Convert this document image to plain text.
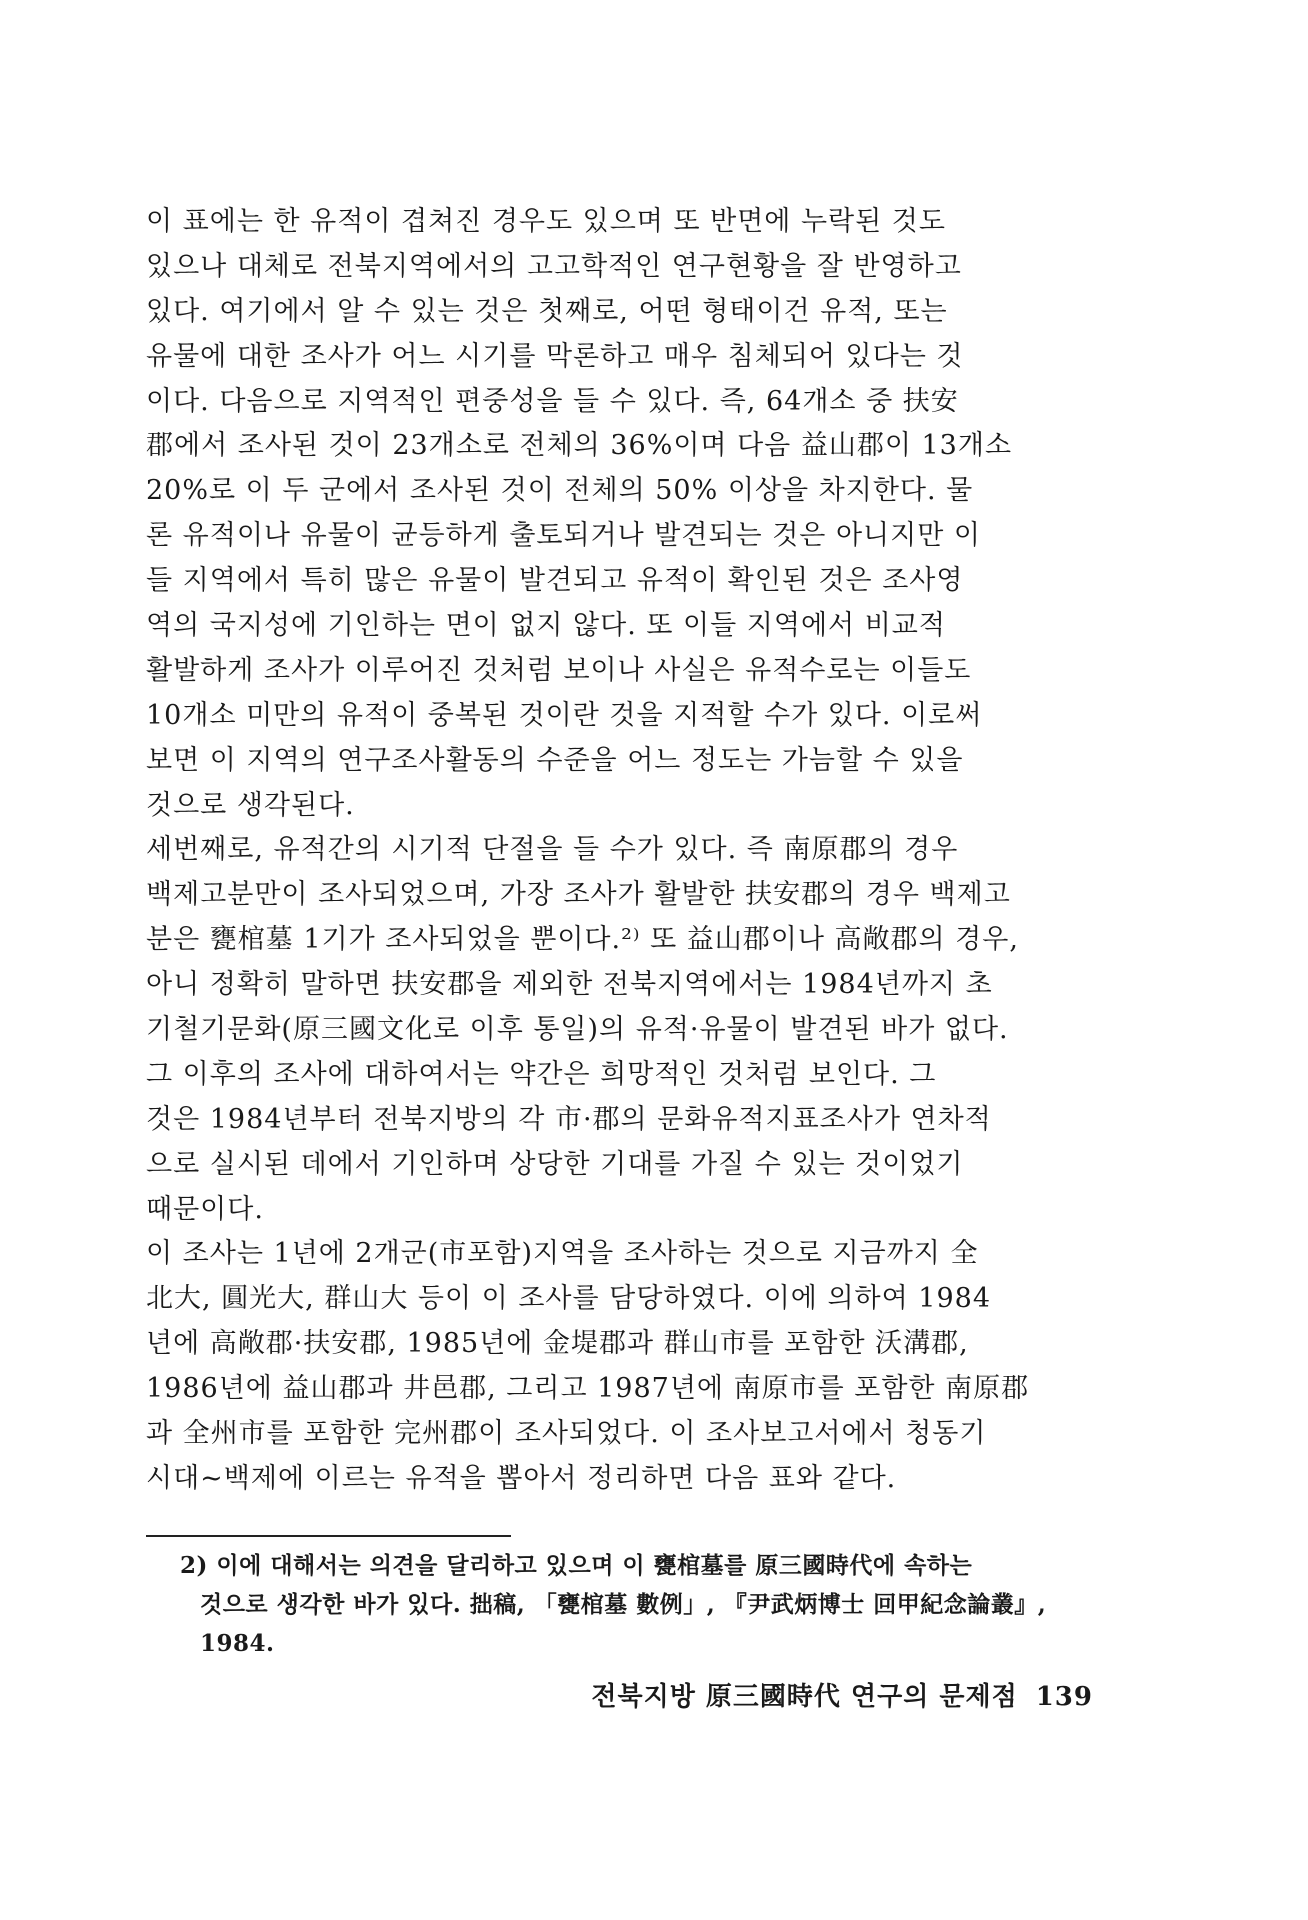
이 표에는 한 유적이 겹쳐진 경우도 있으며 또 반면에 누락된 것도
있으나 대체로 전북지역에서의 고고학적인 연구현황을 잘 반영하고
있다. 여기에서 알 수 있는 것은 첫째로, 어떤 형태이건 유적, 또는
유물에 대한 조사가 어느 시기를 막론하고 매우 침체되어 있다는 것
이다. 다음으로 지역적인 편중성을 들 수 있다. 즉, 64개소 중 扶安
郡에서 조사된 것이 23개소로 전체의 36%이며 다음 益山郡이 13개소
20%로 이 두 군에서 조사된 것이 전체의 50% 이상을 차지한다. 물
론 유적이나 유물이 균등하게 출토되거나 발견되는 것은 아니지만 이
들 지역에서 특히 많은 유물이 발견되고 유적이 확인된 것은 조사영
역의 국지성에 기인하는 면이 없지 않다. 또 이들 지역에서 비교적
활발하게 조사가 이루어진 것처럼 보이나 사실은 유적수로는 이들도
10개소 미만의 유적이 중복된 것이란 것을 지적할 수가 있다. 이로써
보면 이 지역의 연구조사활동의 수준을 어느 정도는 가늠할 수 있을
것으로 생각된다.
세번째로, 유적간의 시기적 단절을 들 수가 있다. 즉 南原郡의 경우
백제고분만이 조사되었으며, 가장 조사가 활발한 扶安郡의 경우 백제고
분은 甕棺墓 1기가 조사되었을 뿐이다.²⁾ 또 益山郡이나 高敞郡의 경우,
아니 정확히 말하면 扶安郡을 제외한 전북지역에서는 1984년까지 초
기철기문화(原三國文化로 이후 통일)의 유적·유물이 발견된 바가 없다.
그 이후의 조사에 대하여서는 약간은 희망적인 것처럼 보인다. 그
것은 1984년부터 전북지방의 각 市·郡의 문화유적지표조사가 연차적
으로 실시된 데에서 기인하며 상당한 기대를 가질 수 있는 것이었기
때문이다.
이 조사는 1년에 2개군(市포함)지역을 조사하는 것으로 지금까지 全
北大, 圓光大, 群山大 등이 이 조사를 담당하였다. 이에 의하여 1984
년에 高敞郡·扶安郡, 1985년에 金堤郡과 群山市를 포함한 沃溝郡,
1986년에 益山郡과 井邑郡, 그리고 1987년에 南原市를 포함한 南原郡
과 全州市를 포함한 完州郡이 조사되었다. 이 조사보고서에서 청동기
시대~백제에 이르는 유적을 뽑아서 정리하면 다음 표와 같다.
2) 이에 대해서는 의견을 달리하고 있으며 이 甕棺墓를 原三國時代에 속하는
것으로 생각한 바가 있다. 拙稿, 「甕棺墓 數例」, 『尹武炳博士 回甲紀念論叢』,
1984.
전북지방 原三國時代 연구의 문제점 139
